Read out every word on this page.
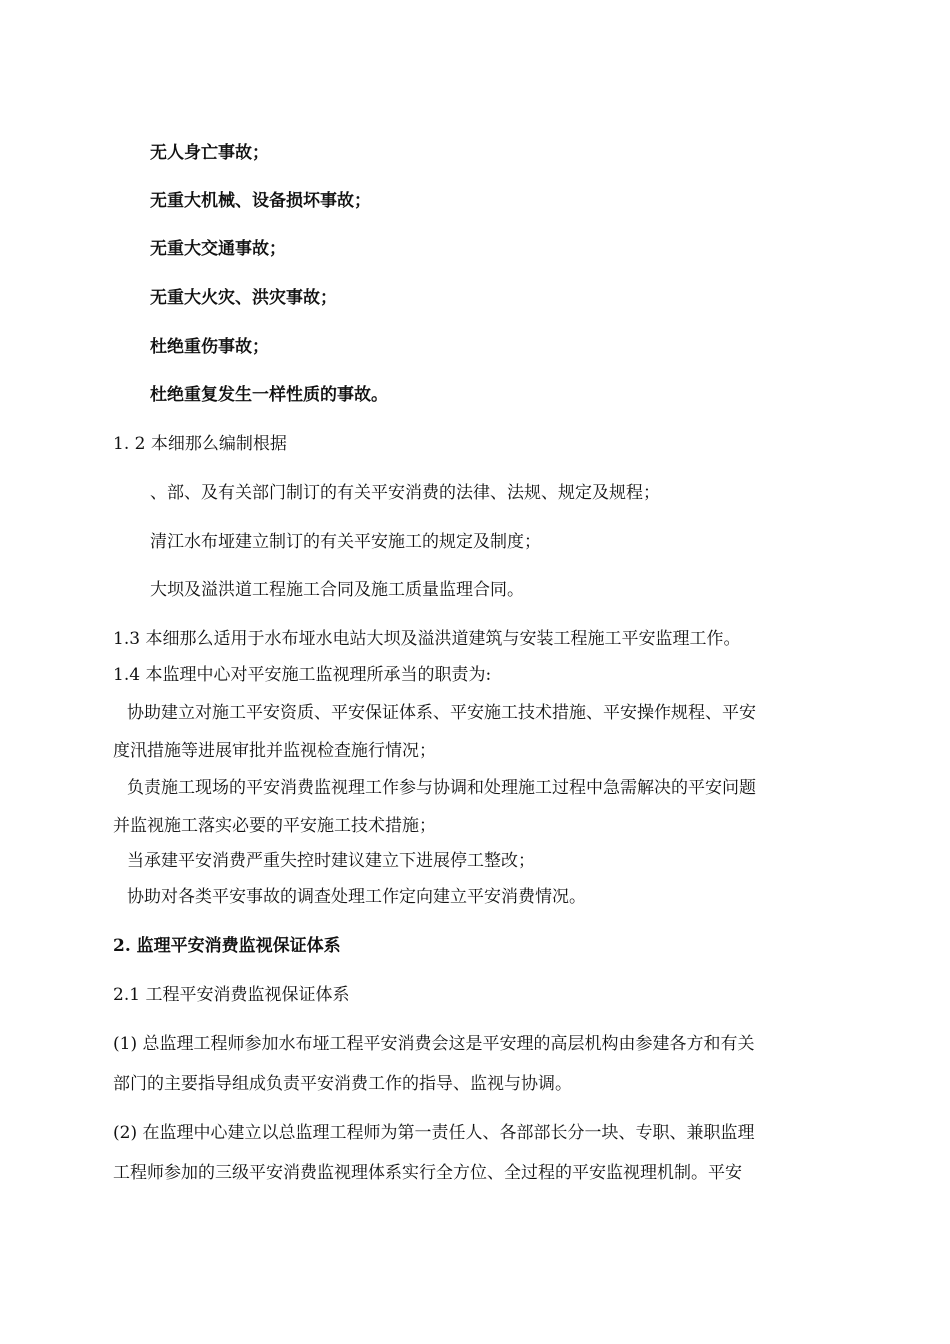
无人身亡事故；
无重大机械、设备损坏事故；
无重大交通事故；
无重大火灾、洪灾事故；
杜绝重伤事故；
杜绝重复发生一样性质的事故。
1. 2 本细那么编制根据
、部、及有关部门制订的有关平安消费的法律、法规、规定及规程；
清江水布垭建立制订的有关平安施工的规定及制度；
大坝及溢洪道工程施工合同及施工质量监理合同。
1.3 本细那么适用于水布垭水电站大坝及溢洪道建筑与安装工程施工平安监理工作。
1.4 本监理中心对平安施工监视理所承当的职责为:
协助建立对施工平安资质、平安保证体系、平安施工技术措施、平安操作规程、平安
度汛措施等进展审批并监视检查施行情况；
负责施工现场的平安消费监视理工作参与协调和处理施工过程中急需解决的平安问题
并监视施工落实必要的平安施工技术措施；
当承建平安消费严重失控时建议建立下进展停工整改；
协助对各类平安事故的调查处理工作定向建立平安消费情况。
2. 监理平安消费监视保证体系
2.1 工程平安消费监视保证体系
(1) 总监理工程师参加水布垭工程平安消费会这是平安理的高层机构由参建各方和有关
部门的主要指导组成负责平安消费工作的指导、监视与协调。
(2) 在监理中心建立以总监理工程师为第一责任人、各部部长分一块、专职、兼职监理
工程师参加的三级平安消费监视理体系实行全方位、全过程的平安监视理机制。平安
